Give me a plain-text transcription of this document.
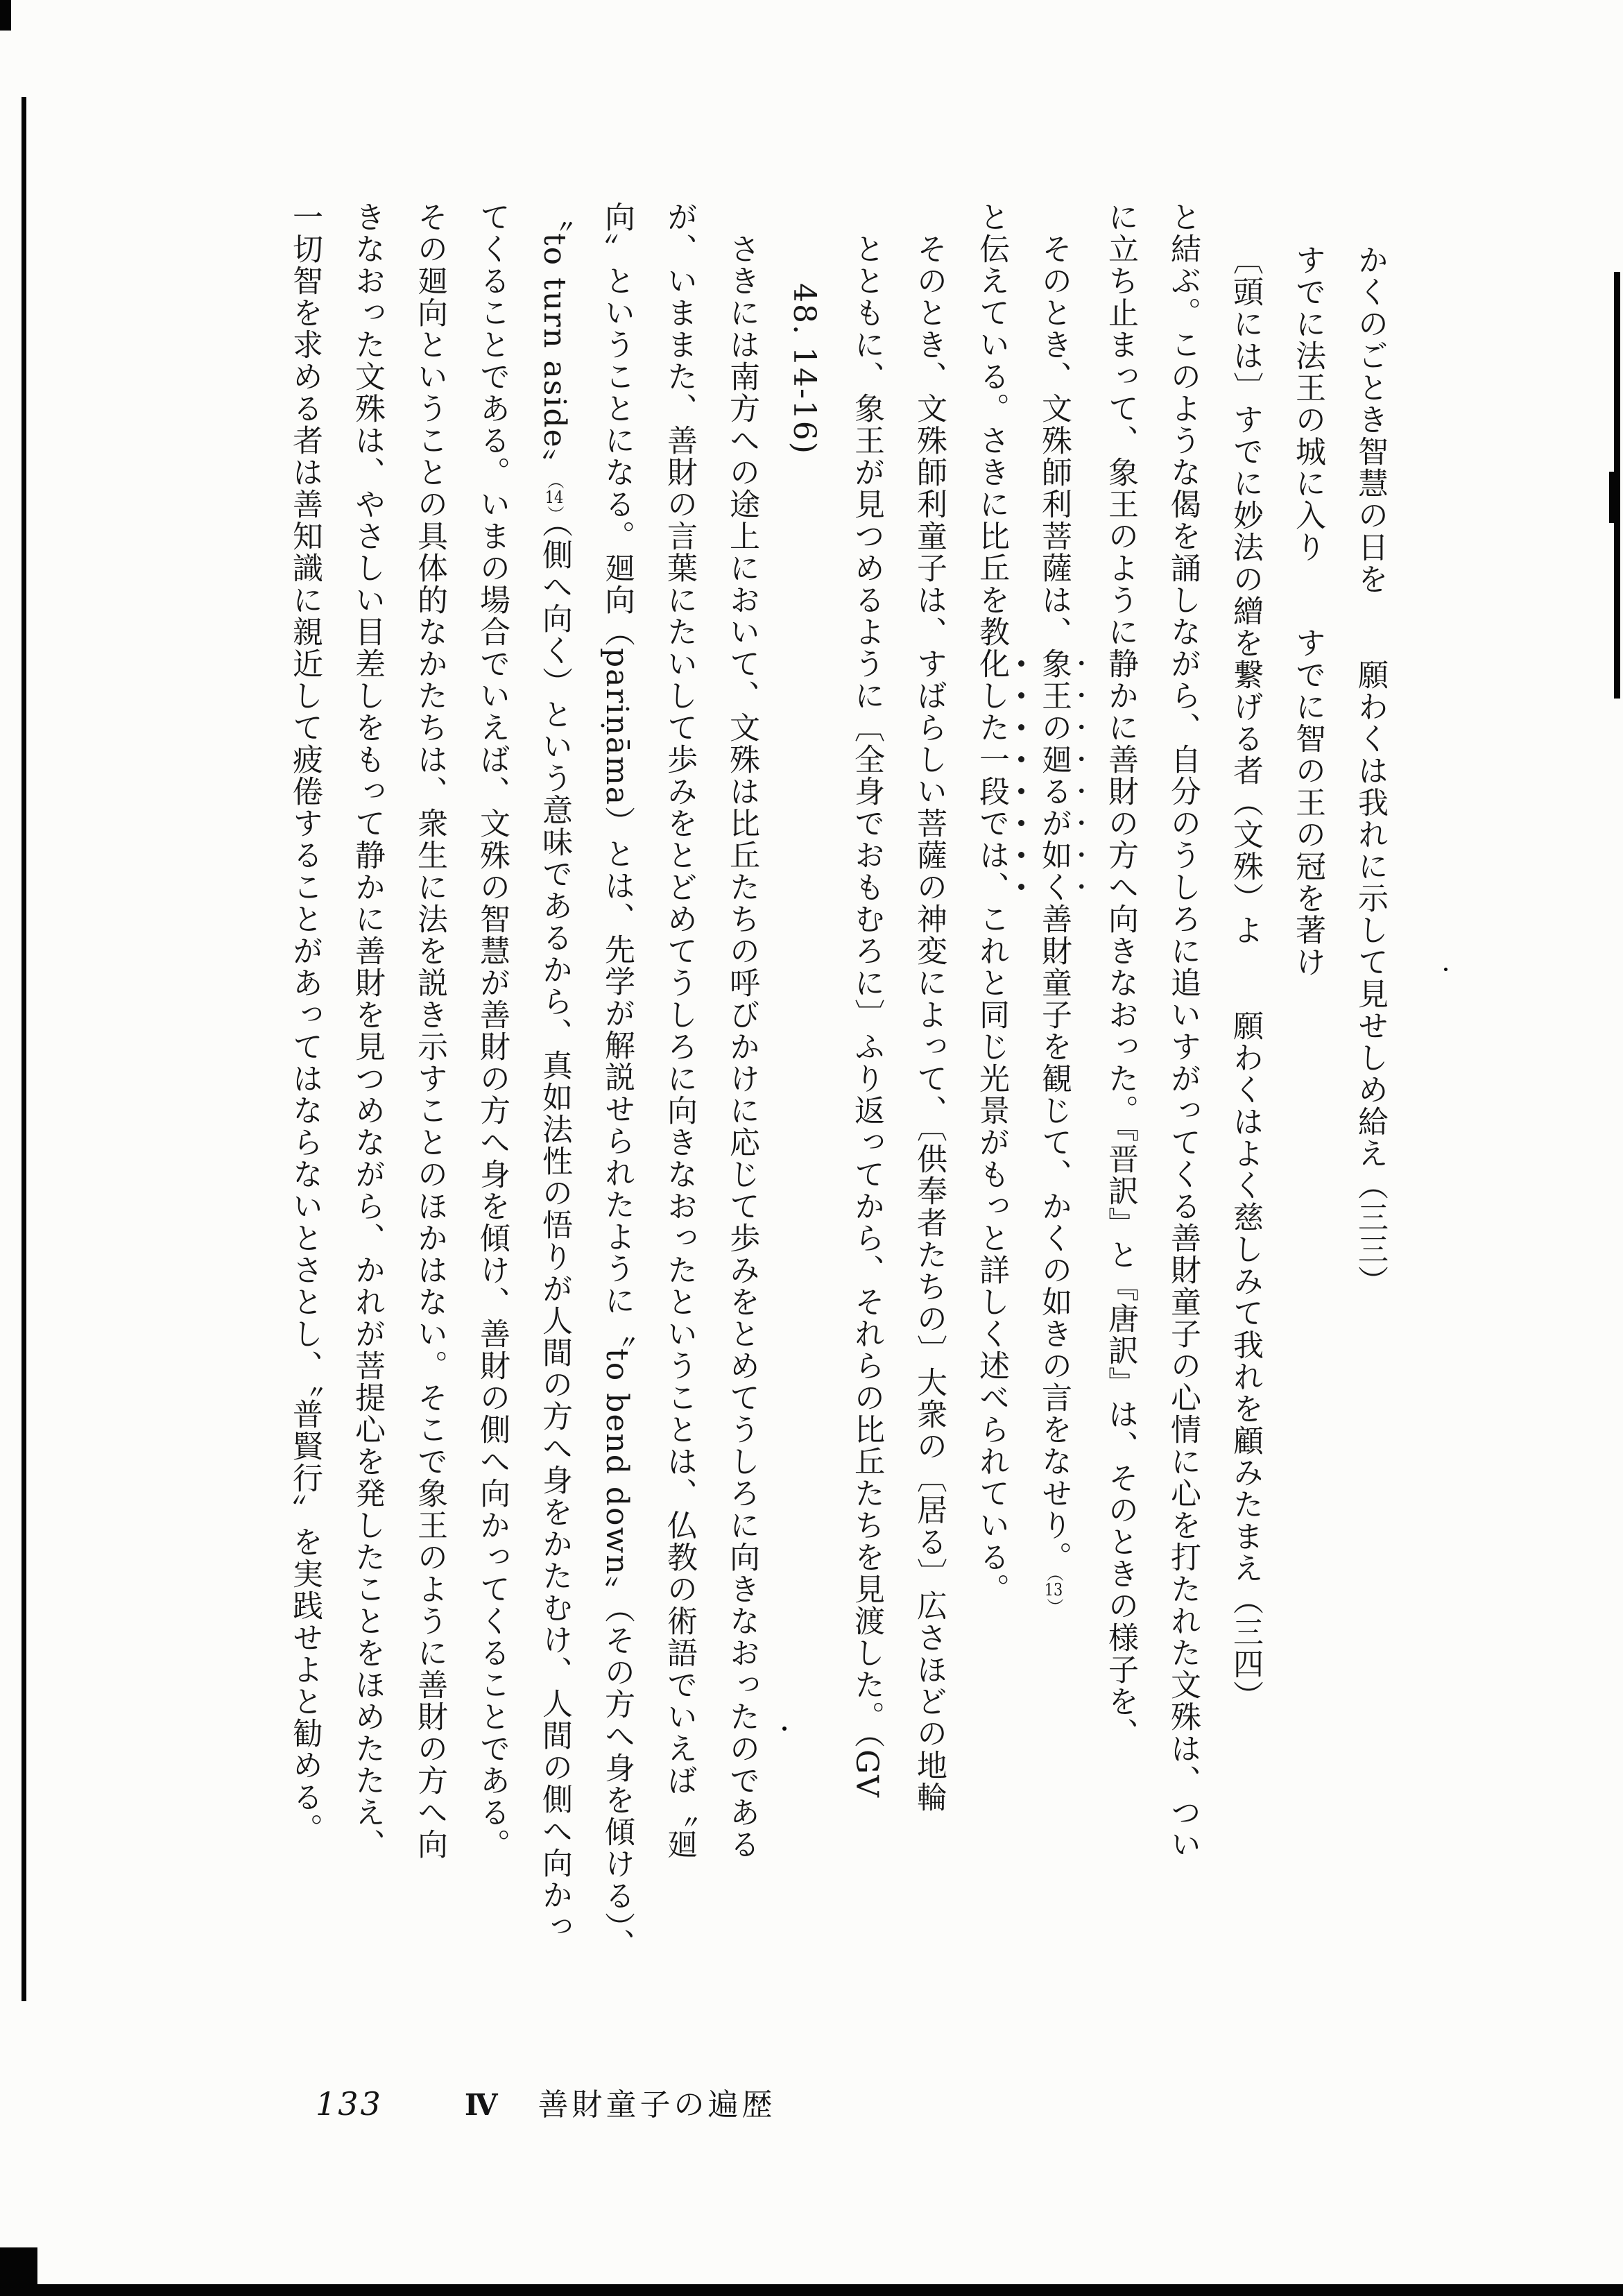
かくのごとき智慧の日を　　願わくは我れに示して見せしめ給え（三三）
すでに法王の城に入り　　すでに智の王の冠を著け
〔頭には〕すでに妙法の繒を繋げる者（文殊）よ　　願わくはよく慈しみて我れを顧みたまえ（三四）
と結ぶ。このような偈を誦しながら、自分のうしろに追いすがってくる善財童子の心情に心を打たれた文殊は、つい
に立ち止まって、象王のように静かに善財の方へ向きなおった。『晋訳』と『唐訳』は、そのときの様子を、
そのとき、文殊師利菩薩は、象王の廻るが如く善財童子を観じて、かくの如きの言をなせり。（ 13 ）
と伝えている。さきに比丘を教化した一段では、これと同じ光景がもっと詳しく述べられている。
そのとき、文殊師利童子は、すばらしい菩薩の神変によって、〔供奉者たちの〕大衆の〔居る〕広さほどの地輪
とともに、象王が見つめるように〔全身でおもむろに〕ふり返ってから、それらの比丘たちを見渡した。（GV
48. 14-16)
さきには南方への途上において、文殊は比丘たちの呼びかけに応じて歩みをとめてうしろに向きなおったのである
が、いままた、善財の言葉にたいして歩みをとどめてうしろに向きなおったということは、仏教の術語でいえば〝廻
向〟ということになる。廻向（pariṇāma）とは、先学が解説せられたように〝to bend down〟（その方へ身を傾ける）、
〝to turn aside〟（ 14 ）（側へ向く）という意味であるから、真如法性の悟りが人間の方へ身をかたむけ、人間の側へ向かっ
てくることである。いまの場合でいえば、文殊の智慧が善財の方へ身を傾け、善財の側へ向かってくることである。
その廻向ということの具体的なかたちは、衆生に法を説き示すことのほかはない。そこで象王のように善財の方へ向
きなおった文殊は、やさしい目差しをもって静かに善財を見つめながら、かれが菩提心を発したことをほめたたえ、
一切智を求める者は善知識に親近して疲倦することがあってはならないとさとし、〝普賢行〟を実践せよと勧める。
133	Ⅳ 善財童子の遍歴
